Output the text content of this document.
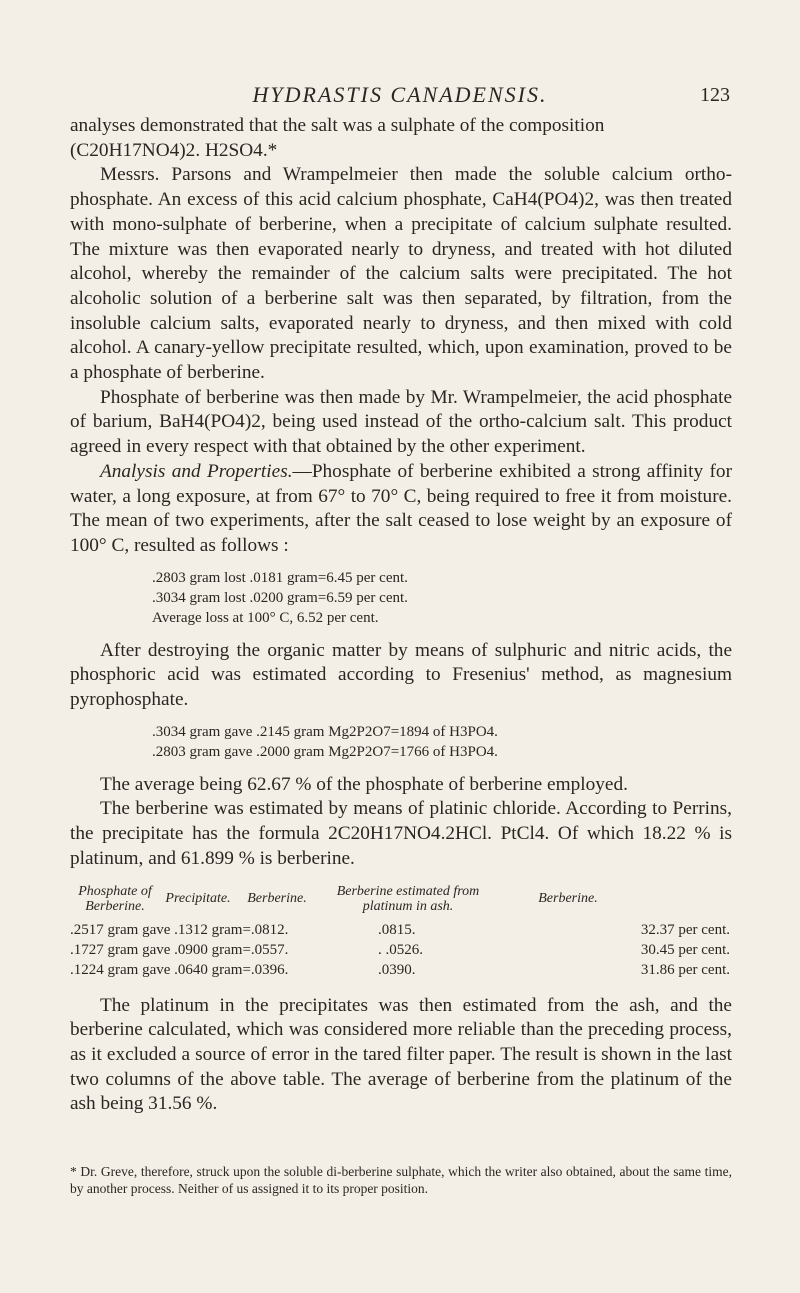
HYDRASTIS CANADENSIS.	123

analyses demonstrated that the salt was a sulphate of the composition

(C20H17NO4)2. H2SO4.*

Messrs. Parsons and Wrampelmeier then made the soluble calcium ortho-phosphate. An excess of this acid calcium phosphate, CaH4(PO4)2, was then treated with mono-sulphate of berberine, when a precipitate of calcium sulphate resulted. The mixture was then evaporated nearly to dryness, and treated with hot diluted alcohol, whereby the remainder of the calcium salts were precipitated. The hot alcoholic solution of a berberine salt was then separated, by filtration, from the insoluble calcium salts, evaporated nearly to dryness, and then mixed with cold alcohol. A canary-yellow precipitate resulted, which, upon examination, proved to be a phosphate of berberine.

Phosphate of berberine was then made by Mr. Wrampelmeier, the acid phosphate of barium, BaH4(PO4)2, being used instead of the ortho-calcium salt. This product agreed in every respect with that obtained by the other experiment.

Analysis and Properties.—Phosphate of berberine exhibited a strong affinity for water, a long exposure, at from 67° to 70° C, being required to free it from moisture. The mean of two experiments, after the salt ceased to lose weight by an exposure of 100° C, resulted as follows :

.2803 gram lost .0181 gram=6.45 per cent.
.3034 gram lost .0200 gram=6.59 per cent.
Average loss at 100° C, 6.52 per cent.

After destroying the organic matter by means of sulphuric and nitric acids, the phosphoric acid was estimated according to Fresenius' method, as magnesium pyrophosphate.

.3034 gram gave .2145 gram Mg2P2O7=1894 of H3PO4.
.2803 gram gave .2000 gram Mg2P2O7=1766 of H3PO4.

The average being 62.67 % of the phosphate of berberine employed.

The berberine was estimated by means of platinic chloride. According to Perrins, the precipitate has the formula 2C20H17NO4.2HCl. PtCl4. Of which 18.22 % is platinum, and 61.899 % is berberine.

Phosphate of Berberine.	Precipitate.	Berberine.	Berberine estimated from platinum in ash.	Berberine.
.2517 gram gave .1312 gram=.0812.	.0815.	32.37 per cent.
.1727 gram gave .0900 gram=.0557.	. .0526.	30.45 per cent.
.1224 gram gave .0640 gram=.0396.	.0390.	31.86 per cent.

The platinum in the precipitates was then estimated from the ash, and the berberine calculated, which was considered more reliable than the preceding process, as it excluded a source of error in the tared filter paper. The result is shown in the last two columns of the above table. The average of berberine from the platinum of the ash being 31.56 %.

* Dr. Greve, therefore, struck upon the soluble di-berberine sulphate, which the writer also obtained, about the same time, by another process. Neither of us assigned it to its proper position.
